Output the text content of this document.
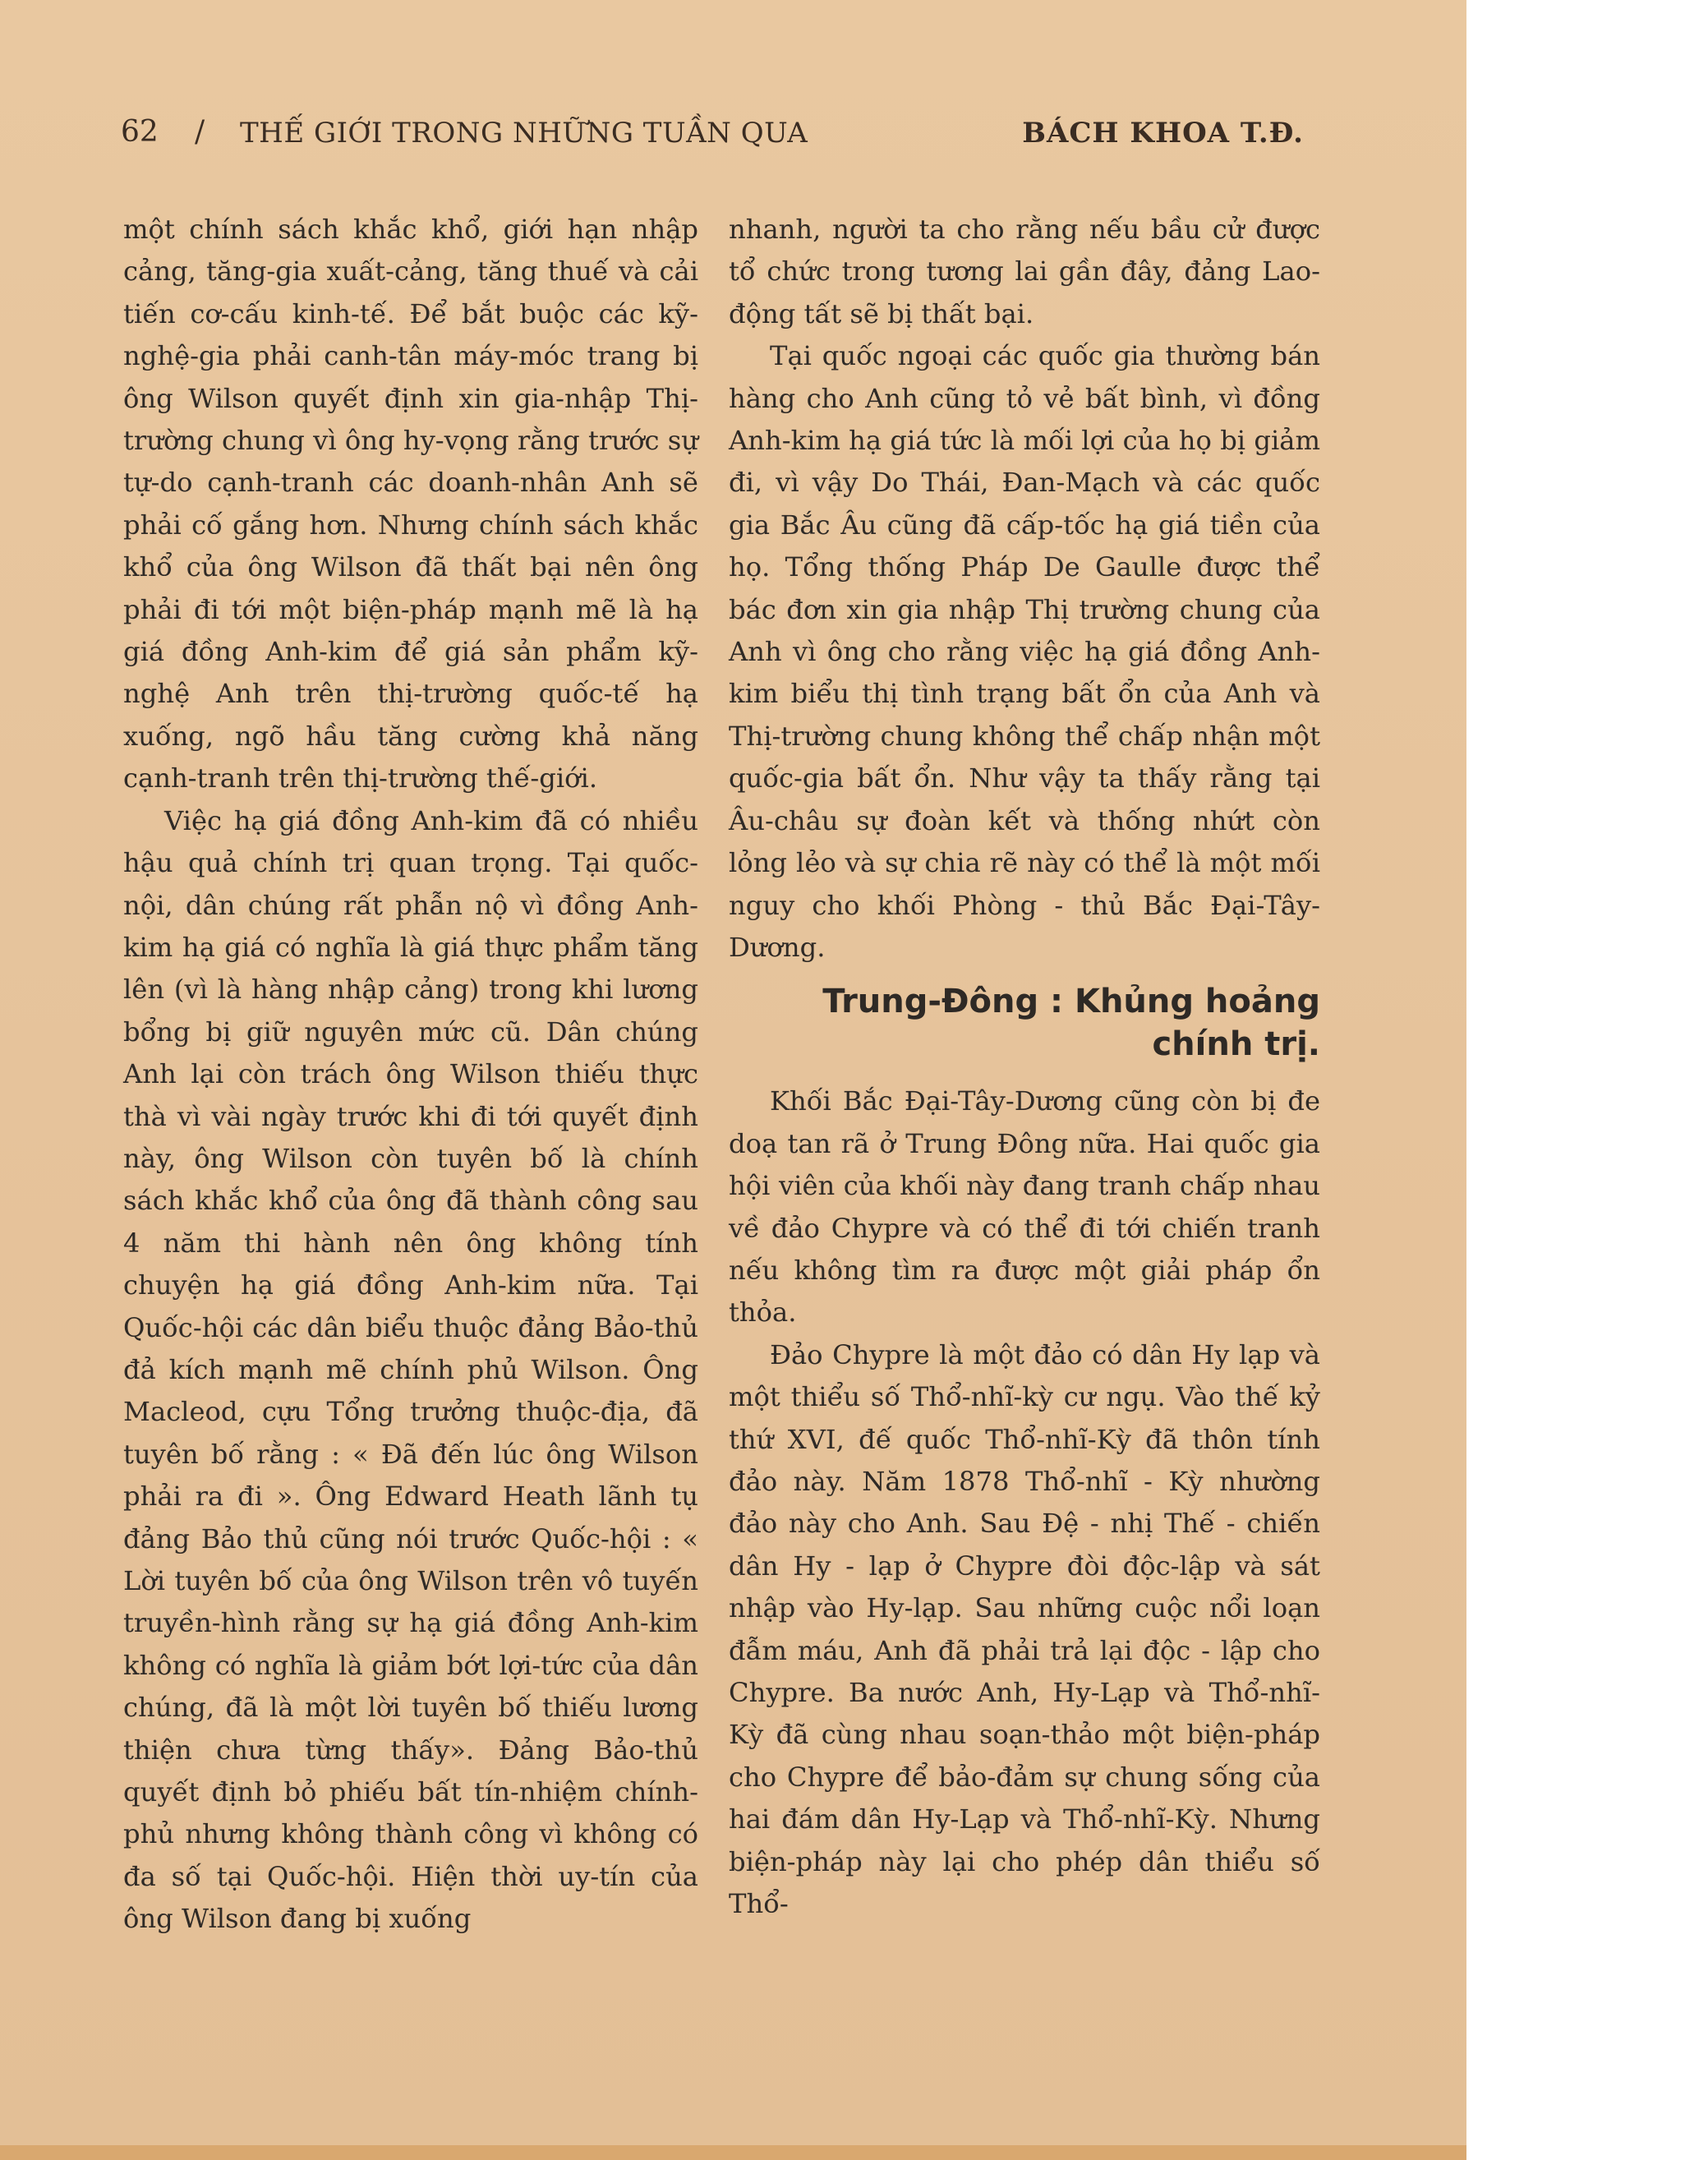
62 / THẾ GIỚI TRONG NHỮNG TUẦN QUA	BÁCH KHOA T.Đ.

một chính sách khắc khổ, giới hạn nhập cảng, tăng-gia xuất-cảng, tăng thuế và cải tiến cơ-cấu kinh-tế. Để bắt buộc các kỹ-nghệ-gia phải canh-tân máy-móc trang bị ông Wilson quyết định xin gia-nhập Thị-trường chung vì ông hy-vọng rằng trước sự tự-do cạnh-tranh các doanh-nhân Anh sẽ phải cố gắng hơn. Nhưng chính sách khắc khổ của ông Wilson đã thất bại nên ông phải đi tới một biện-pháp mạnh mẽ là hạ giá đồng Anh-kim để giá sản phẩm kỹ-nghệ Anh trên thị-trường quốc-tế hạ xuống, ngõ hầu tăng cường khả năng cạnh-tranh trên thị-trường thế-giới.

Việc hạ giá đồng Anh-kim đã có nhiều hậu quả chính trị quan trọng. Tại quốc-nội, dân chúng rất phẫn nộ vì đồng Anh-kim hạ giá có nghĩa là giá thực phẩm tăng lên (vì là hàng nhập cảng) trong khi lương bổng bị giữ nguyên mức cũ. Dân chúng Anh lại còn trách ông Wilson thiếu thực thà vì vài ngày trước khi đi tới quyết định này, ông Wilson còn tuyên bố là chính sách khắc khổ của ông đã thành công sau 4 năm thi hành nên ông không tính chuyện hạ giá đồng Anh-kim nữa. Tại Quốc-hội các dân biểu thuộc đảng Bảo-thủ đả kích mạnh mẽ chính phủ Wilson. Ông Macleod, cựu Tổng trưởng thuộc-địa, đã tuyên bố rằng : « Đã đến lúc ông Wilson phải ra đi ». Ông Edward Heath lãnh tụ đảng Bảo thủ cũng nói trước Quốc-hội : « Lời tuyên bố của ông Wilson trên vô tuyến truyền-hình rằng sự hạ giá đồng Anh-kim không có nghĩa là giảm bớt lợi-tức của dân chúng, đã là một lời tuyên bố thiếu lương thiện chưa từng thấy». Đảng Bảo-thủ quyết định bỏ phiếu bất tín-nhiệm chính-phủ nhưng không thành công vì không có đa số tại Quốc-hội. Hiện thời uy-tín của ông Wilson đang bị xuống

nhanh, người ta cho rằng nếu bầu cử được tổ chức trong tương lai gần đây, đảng Lao-động tất sẽ bị thất bại.

Tại quốc ngoại các quốc gia thường bán hàng cho Anh cũng tỏ vẻ bất bình, vì đồng Anh-kim hạ giá tức là mối lợi của họ bị giảm đi, vì vậy Do Thái, Đan-Mạch và các quốc gia Bắc Âu cũng đã cấp-tốc hạ giá tiền của họ. Tổng thống Pháp De Gaulle được thể bác đơn xin gia nhập Thị trường chung của Anh vì ông cho rằng việc hạ giá đồng Anh-kim biểu thị tình trạng bất ổn của Anh và Thị-trường chung không thể chấp nhận một quốc-gia bất ổn. Như vậy ta thấy rằng tại Âu-châu sự đoàn kết và thống nhứt còn lỏng lẻo và sự chia rẽ này có thể là một mối nguy cho khối Phòng - thủ Bắc Đại-Tây-Dương.

Trung-Đông : Khủng hoảng
chính trị.

Khối Bắc Đại-Tây-Dương cũng còn bị đe doạ tan rã ở Trung Đông nữa. Hai quốc gia hội viên của khối này đang tranh chấp nhau về đảo Chypre và có thể đi tới chiến tranh nếu không tìm ra được một giải pháp ổn thỏa.

Đảo Chypre là một đảo có dân Hy lạp và một thiểu số Thổ-nhĩ-kỳ cư ngụ. Vào thế kỷ thứ XVI, đế quốc Thổ-nhĩ-Kỳ đã thôn tính đảo này. Năm 1878 Thổ-nhĩ - Kỳ nhường đảo này cho Anh. Sau Đệ - nhị Thế - chiến dân Hy - lạp ở Chypre đòi độc-lập và sát nhập vào Hy-lạp. Sau những cuộc nổi loạn đẫm máu, Anh đã phải trả lại độc - lập cho Chypre. Ba nước Anh, Hy-Lạp và Thổ-nhĩ-Kỳ đã cùng nhau soạn-thảo một biện-pháp cho Chypre để bảo-đảm sự chung sống của hai đám dân Hy-Lạp và Thổ-nhĩ-Kỳ. Nhưng biện-pháp này lại cho phép dân thiểu số Thổ-
